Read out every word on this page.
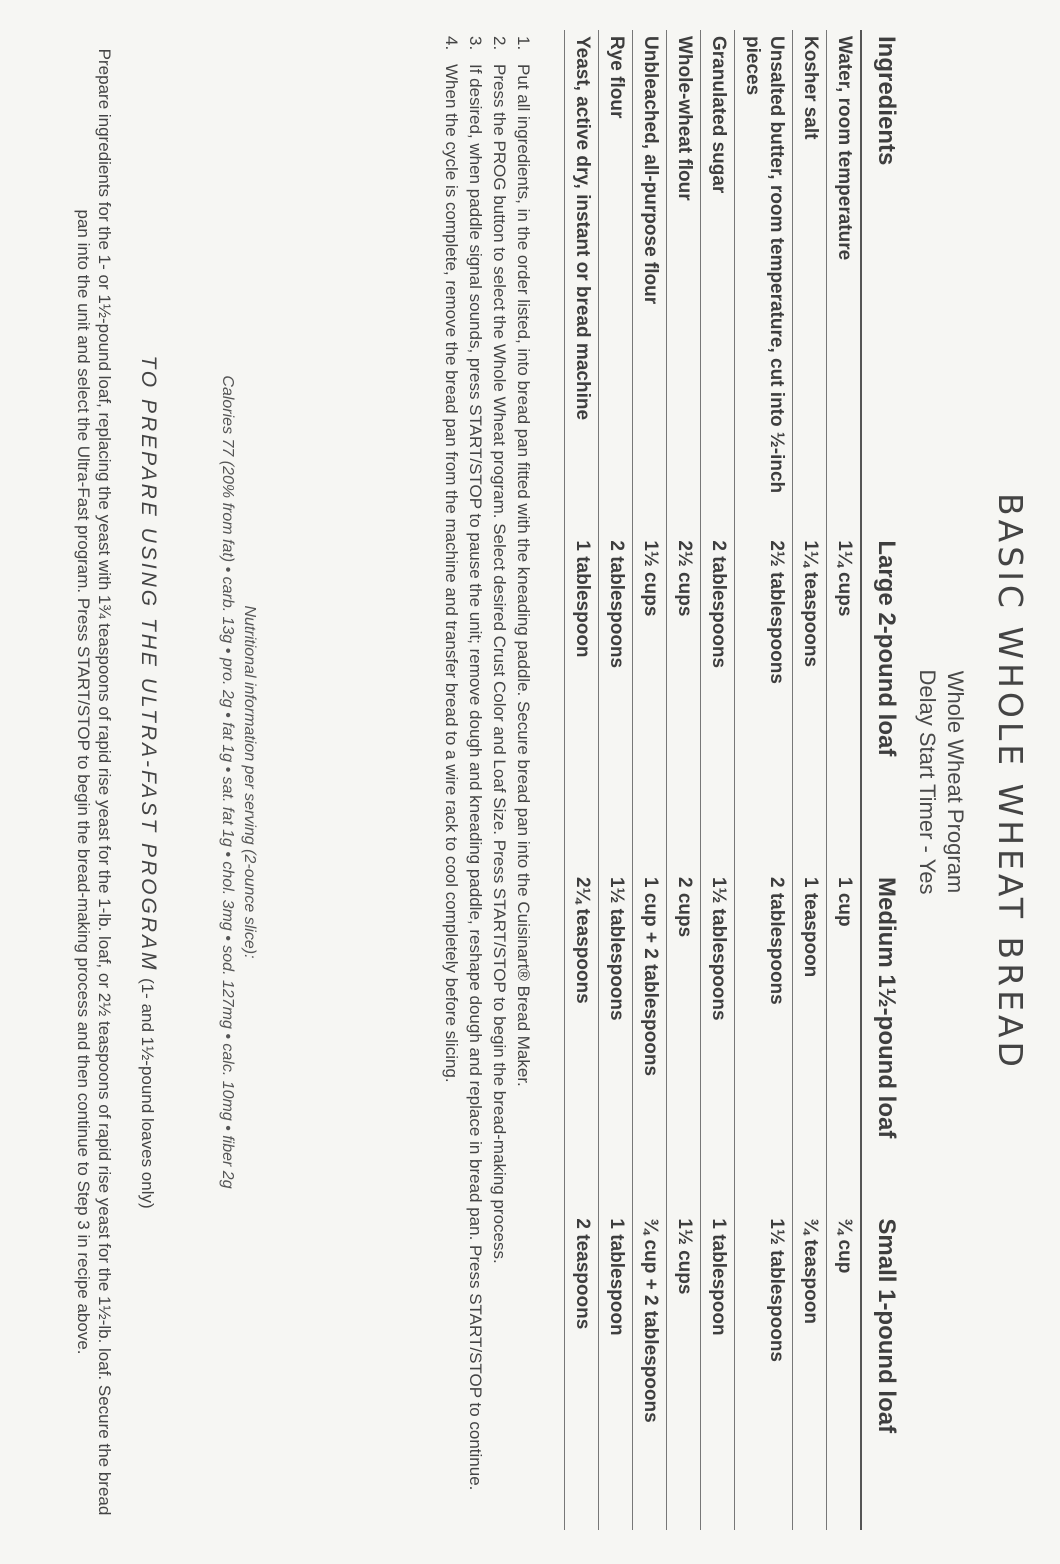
BASIC WHOLE WHEAT BREAD
Whole Wheat Program
Delay Start Timer - Yes
Ingredients	Large 2-pound loaf	Medium 1½-pound loaf	Small 1-pound loaf
Water, room temperature	1¼ cups	1 cup	¾ cup
Kosher salt	1¼ teaspoons	1 teaspoon	¾ teaspoon
Unsalted butter, room temperature, cut into ½-inch pieces	2½ tablespoons	2 tablespoons	1½ tablespoons
Granulated sugar	2 tablespoons	1½ tablespoons	1 tablespoon
Whole-wheat flour	2½ cups	2 cups	1½ cups
Unbleached, all-purpose flour	1½ cups	1 cup + 2 tablespoons	¾ cup + 2 tablespoons
Rye flour	2 tablespoons	1½ tablespoons	1 tablespoon
Yeast, active dry, instant or bread machine	1 tablespoon	2¼ teaspoons	2 teaspoons
1.
Put all ingredients, in the order listed, into bread pan fitted with the kneading paddle. Secure bread pan into the Cuisinart® Bread Maker.
2.
Press the PROG button to select the Whole Wheat program. Select desired Crust Color and Loaf Size. Press START/STOP to begin the bread-making process.
3.
If desired, when paddle signal sounds, press START/STOP to pause the unit; remove dough and kneading paddle, reshape dough and replace in bread pan. Press START/STOP to continue.
4.
When the cycle is complete, remove the bread pan from the machine and transfer bread to a wire rack to cool completely before slicing.
Nutritional information per serving (2-ounce slice):
Calories 77 (20% from fat) • carb. 13g • pro. 2g • fat 1g • sat. fat 1g • chol. 3mg • sod. 127mg • calc. 10mg • fiber 2g
TO PREPARE USING THE ULTRA-FAST PROGRAM (1- and 1½-pound loaves only)
Prepare ingredients for the 1- or 1½-pound loaf, replacing the yeast with 1¾ teaspoons of rapid rise yeast for the 1-lb. loaf, or 2½ teaspoons of rapid rise yeast for the 1½-lb. loaf. Secure the bread pan into the unit and select the Ultra-Fast program. Press START/STOP to begin the bread-making process and then continue to Step 3 in recipe above.
